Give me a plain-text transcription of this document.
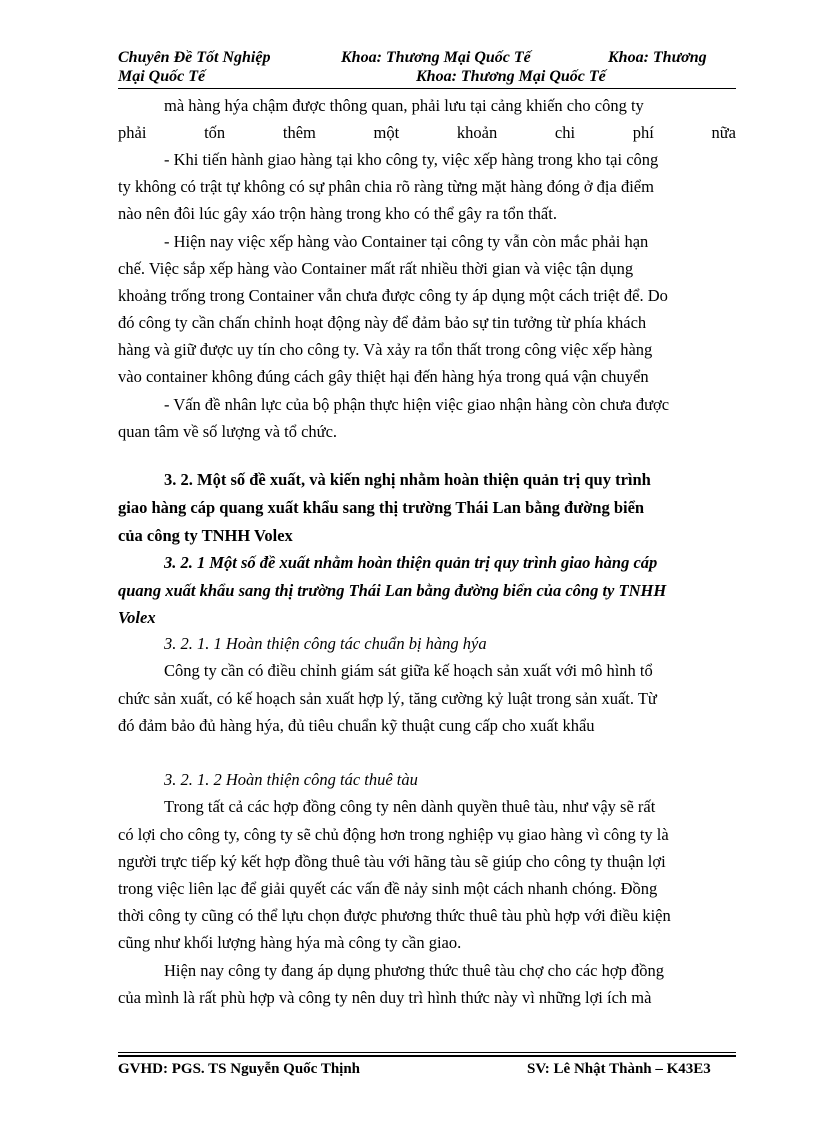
Chuyên Đề Tốt Nghiệp	Khoa: Thương Mại Quốc Tế	Khoa: Thương
Mại Quốc Tế	Khoa: Thương Mại Quốc Tế
mà hàng hýa chậm được thông quan, phải lưu tại cảng khiến cho công ty
phải tốn thêm một khoản chi phí nữa
- Khi tiến hành giao hàng tại kho công ty, việc xếp hàng trong kho tại công
ty không có trật tự không có sự phân chia rõ ràng từng mặt hàng đóng ở địa điểm
nào nên đôi lúc gây xáo trộn hàng trong kho có thể gây ra tổn thất.
- Hiện nay việc xếp hàng vào Container tại công ty vẫn còn mắc phải hạn
chế. Việc sắp xếp hàng vào Container mất rất nhiều thời gian và việc tận dụng
khoảng trống trong Container vẫn chưa được công ty áp dụng một cách triệt để. Do
đó công ty cần chấn chỉnh hoạt động này để đảm bảo sự tin tưởng từ phía khách
hàng và giữ được uy tín cho công ty. Và xảy ra tổn thất trong công việc xếp hàng
vào container không đúng cách gây thiệt hại đến hàng hýa trong quá vận chuyển
- Vấn đề nhân lực của bộ phận thực hiện việc giao nhận hàng còn chưa được
quan tâm về số lượng và tổ chức.
3. 2. Một số đề xuất, và kiến nghị nhằm hoàn thiện quản trị quy trình
giao hàng cáp quang xuất khẩu sang thị trường Thái Lan bằng đường biển
của công ty TNHH Volex
3. 2. 1 Một số đề xuất nhằm hoàn thiện quản trị quy trình giao hàng cáp
quang xuất khẩu sang thị trường Thái Lan bằng đường biển của công ty TNHH
Volex
3. 2. 1. 1 Hoàn thiện công tác chuẩn bị hàng hýa
Công ty cần có điều chỉnh giám sát giữa kế hoạch sản xuất với mô hình tổ
chức sản xuất, có kế hoạch sản xuất hợp lý, tăng cường kỷ luật trong sản xuất. Từ
đó đảm bảo đủ hàng hýa, đủ tiêu chuẩn kỹ thuật cung cấp cho xuất khẩu
3. 2. 1. 2 Hoàn thiện công tác thuê tàu
Trong tất cả các hợp đồng công ty nên dành quyền thuê tàu, như vậy sẽ rất
có lợi cho công ty, công ty sẽ chủ động hơn trong nghiệp vụ giao hàng vì công ty là
người trực tiếp ký kết hợp đồng thuê tàu với hãng tàu sẽ giúp cho công ty thuận lợi
trong việc liên lạc để giải quyết các vấn đề nảy sinh một cách nhanh chóng. Đồng
thời công ty cũng có thể lựu chọn được phương thức thuê tàu phù hợp với điều kiện
cũng như khối lượng hàng hýa mà công ty cần giao.
Hiện nay công ty đang áp dụng phương thức thuê tàu chợ cho các hợp đồng
của mình là rất phù hợp và công ty nên duy trì hình thức này vì những lợi ích mà
GVHD: PGS. TS Nguyễn Quốc Thịnh	SV: Lê Nhật Thành – K43E3
